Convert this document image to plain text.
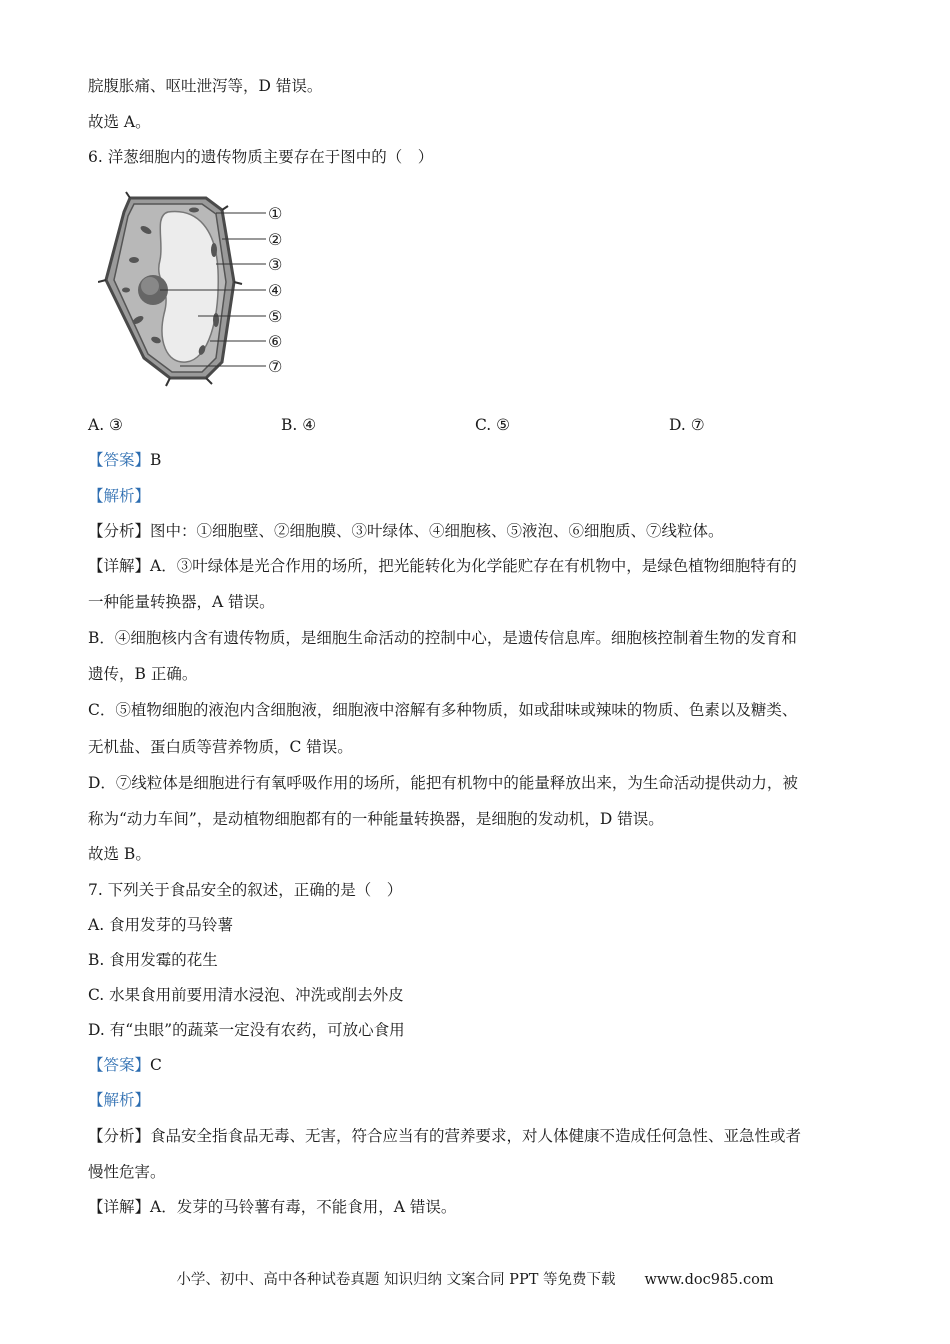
脘腹胀痛、呕吐泄泻等，D 错误。
故选 A。
6. 洋葱细胞内的遗传物质主要存在于图中的（　）
①
②
③
④
⑤
⑥
⑦
A. ③	B. ④	C. ⑤	D. ⑦
【答案】B
【解析】
【分析】图中：①细胞壁、②细胞膜、③叶绿体、④细胞核、⑤液泡、⑥细胞质、⑦线粒体。
【详解】A．③叶绿体是光合作用的场所，把光能转化为化学能贮存在有机物中，是绿色植物细胞特有的
一种能量转换器，A 错误。
B．④细胞核内含有遗传物质，是细胞生命活动的控制中心，是遗传信息库。细胞核控制着生物的发育和
遗传，B 正确。
C．⑤植物细胞的液泡内含细胞液，细胞液中溶解有多种物质，如或甜味或辣味的物质、色素以及糖类、
无机盐、蛋白质等营养物质，C 错误。
D．⑦线粒体是细胞进行有氧呼吸作用的场所，能把有机物中的能量释放出来，为生命活动提供动力，被
称为“动力车间”，是动植物细胞都有的一种能量转换器，是细胞的发动机，D 错误。
故选 B。
7. 下列关于食品安全的叙述，正确的是（　）
A. 食用发芽的马铃薯
B. 食用发霉的花生
C. 水果食用前要用清水浸泡、冲洗或削去外皮
D. 有“虫眼”的蔬菜一定没有农药，可放心食用
【答案】C
【解析】
【分析】食品安全指食品无毒、无害，符合应当有的营养要求，对人体健康不造成任何急性、亚急性或者
慢性危害。
【详解】A．发芽的马铃薯有毒，不能食用，A 错误。
小学、初中、高中各种试卷真题 知识归纳 文案合同 PPT 等免费下载　　www.doc985.com
